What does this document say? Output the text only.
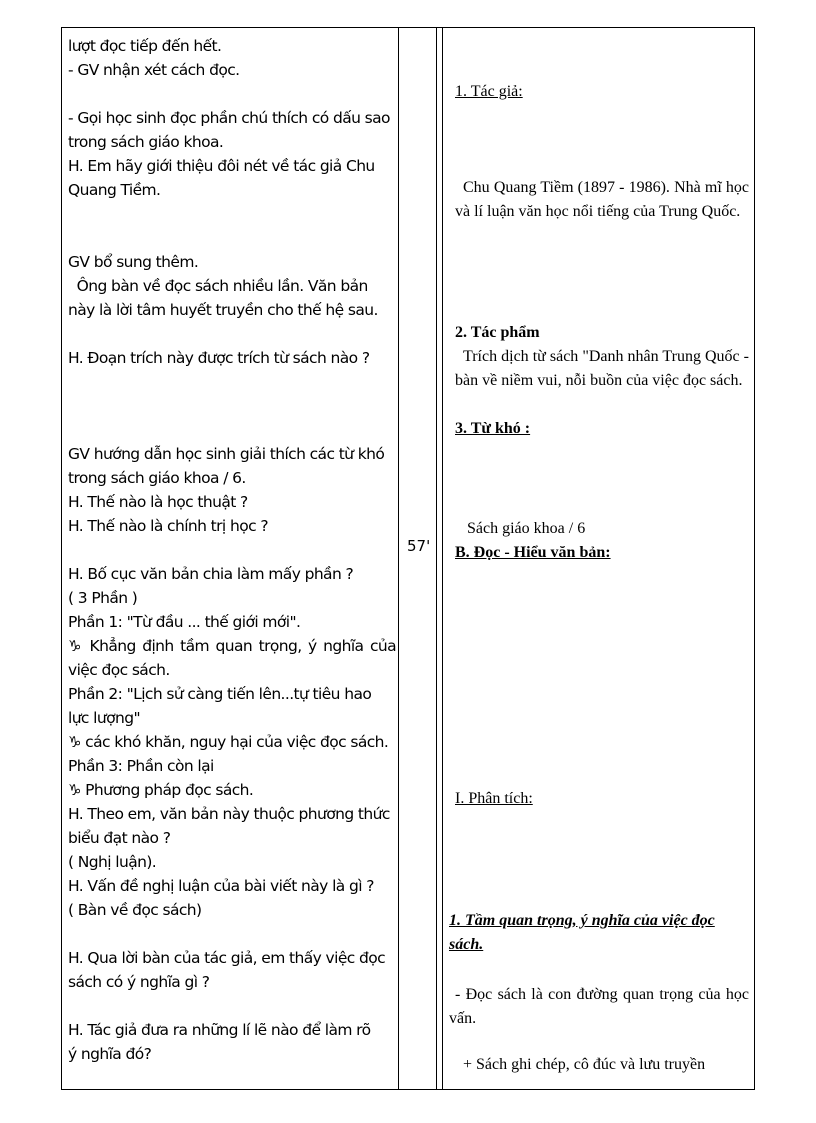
lượt đọc tiếp đến hết.
- GV nhận xét cách đọc.
- Gọi học sinh đọc phần chú thích có dấu sao
trong sách giáo khoa.
H. Em hãy giới thiệu đôi nét về tác giả Chu
Quang Tiềm.
GV bổ sung thêm.
Ông bàn về đọc sách nhiều lần. Văn bản
này là lời tâm huyết truyền cho thế hệ sau.
H. Đoạn trích này được trích từ sách nào ?
GV hướng dẫn học sinh giải thích các từ khó
trong sách giáo khoa / 6.
H. Thế nào là học thuật ?
H. Thế nào là chính trị học ?
H. Bố cục văn bản chia làm mấy phần ?
( 3 Phần )
Phần 1: "Từ đầu ... thế giới mới".
♑ Khẳng định tầm quan trọng, ý nghĩa của việc đọc sách.
Phần 2: "Lịch sử càng tiến lên...tự tiêu hao
lực lượng"
♑ các khó khăn, nguy hại của việc đọc sách.
Phần 3: Phần còn lại
♑ Phương pháp đọc sách.
H. Theo em, văn bản này thuộc phương thức
biểu đạt nào ?
( Nghị luận).
H. Vấn đề nghị luận của bài viết này là gì ?
( Bàn về đọc sách)
H. Qua lời bàn của tác giả, em thấy việc đọc
sách có ý nghĩa gì ?
H. Tác giả đưa ra những lí lẽ nào để làm rõ
ý nghĩa đó?
57'
1. Tác giả:
Chu Quang Tiềm (1897 - 1986). Nhà mĩ học và lí luận văn học nổi tiếng của Trung Quốc.
2. Tác phẩm
Trích dịch từ sách "Danh nhân Trung Quốc - bàn về niềm vui, nỗi buồn của việc đọc sách.
3. Từ khó :
Sách giáo khoa / 6
B. Đọc - Hiểu văn bản:
I. Phân tích:
1. Tầm quan trọng, ý nghĩa của việc đọc sách.
- Đọc sách là con đường quan trọng của học vấn.
+ Sách ghi chép, cô đúc và lưu truyền
